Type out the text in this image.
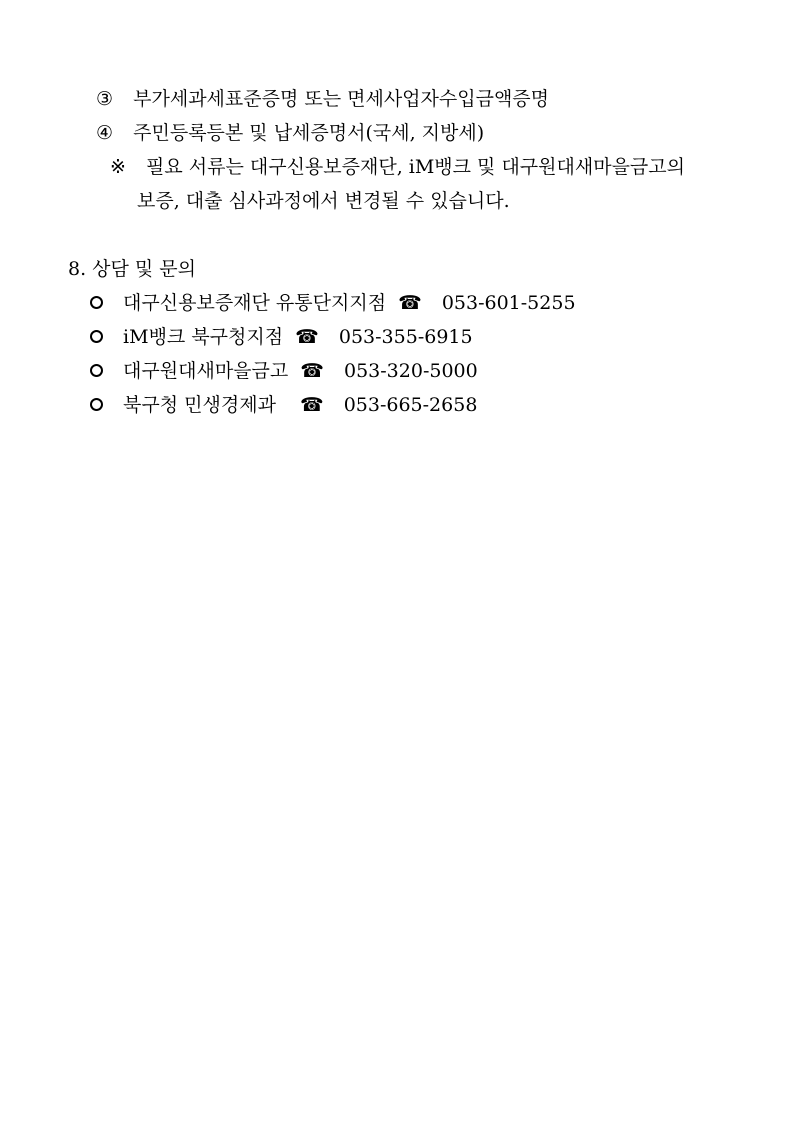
③ 부가세과세표준증명 또는 면세사업자수입금액증명
④ 주민등록등본 및 납세증명서(국세, 지방세)
※ 필요 서류는 대구신용보증재단, iM뱅크 및 대구원대새마을금고의
보증, 대출 심사과정에서 변경될 수 있습니다.
8. 상담 및 문의
대구신용보증재단 유통단지지점 ☎ 053-601-5255
iM뱅크 북구청지점 ☎ 053-355-6915
대구원대새마을금고 ☎ 053-320-5000
북구청 민생경제과 ☎ 053-665-2658
